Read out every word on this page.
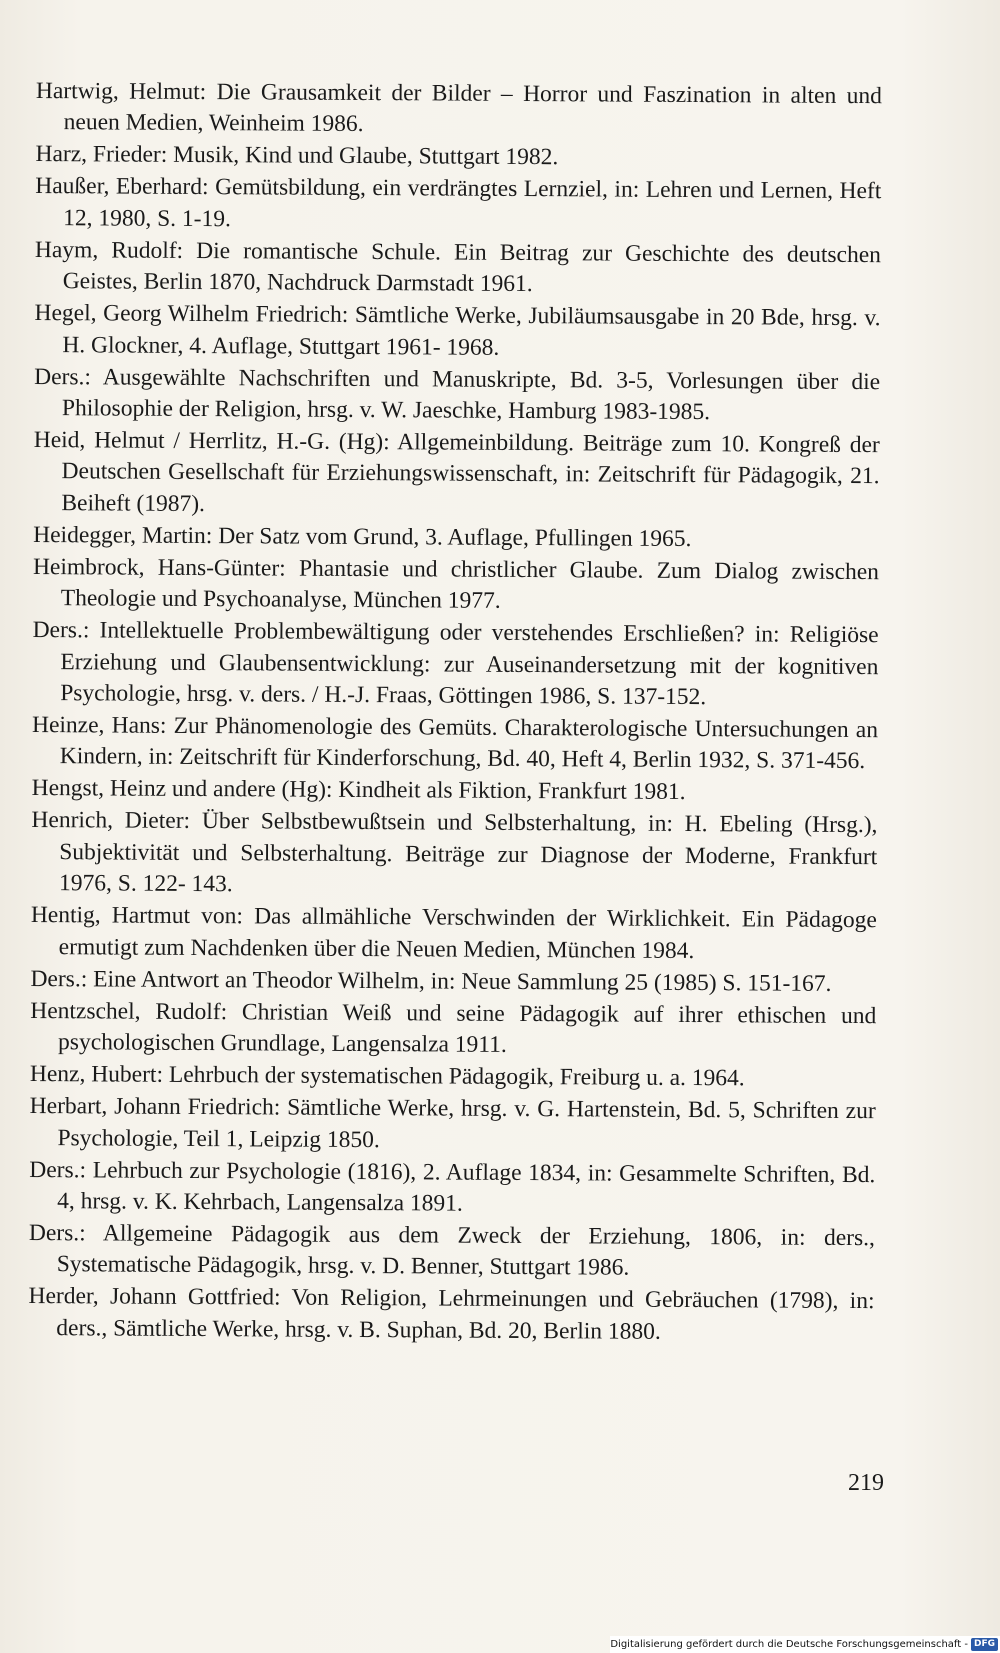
Hartwig, Helmut: Die Grausamkeit der Bilder – Horror und Faszination in alten und neuen Medien, Weinheim 1986.
Harz, Frieder: Musik, Kind und Glaube, Stuttgart 1982.
Haußer, Eberhard: Gemütsbildung, ein verdrängtes Lernziel, in: Lehren und Lernen, Heft 12, 1980, S. 1-19.
Haym, Rudolf: Die romantische Schule. Ein Beitrag zur Geschichte des deutschen Geistes, Berlin 1870, Nachdruck Darmstadt 1961.
Hegel, Georg Wilhelm Friedrich: Sämtliche Werke, Jubiläumsausgabe in 20 Bde, hrsg. v. H. Glockner, 4. Auflage, Stuttgart 1961- 1968.
Ders.: Ausgewählte Nachschriften und Manuskripte, Bd. 3-5, Vorlesungen über die Philosophie der Religion, hrsg. v. W. Jaeschke, Hamburg 1983-1985.
Heid, Helmut / Herrlitz, H.-G. (Hg): Allgemeinbildung. Beiträge zum 10. Kongreß der Deutschen Gesellschaft für Erziehungswissenschaft, in: Zeitschrift für Pädagogik, 21. Beiheft (1987).
Heidegger, Martin: Der Satz vom Grund, 3. Auflage, Pfullingen 1965.
Heimbrock, Hans-Günter: Phantasie und christlicher Glaube. Zum Dialog zwischen Theologie und Psychoanalyse, München 1977.
Ders.: Intellektuelle Problembewältigung oder verstehendes Erschließen? in: Religiöse Erziehung und Glaubensentwicklung: zur Auseinandersetzung mit der kognitiven Psychologie, hrsg. v. ders. / H.-J. Fraas, Göttingen 1986, S. 137-152.
Heinze, Hans: Zur Phänomenologie des Gemüts. Charakterologische Untersuchungen an Kindern, in: Zeitschrift für Kinderforschung, Bd. 40, Heft 4, Berlin 1932, S. 371-456.
Hengst, Heinz und andere (Hg): Kindheit als Fiktion, Frankfurt 1981.
Henrich, Dieter: Über Selbstbewußtsein und Selbsterhaltung, in: H. Ebeling (Hrsg.), Subjektivität und Selbsterhaltung. Beiträge zur Diagnose der Moderne, Frankfurt 1976, S. 122- 143.
Hentig, Hartmut von: Das allmähliche Verschwinden der Wirklichkeit. Ein Pädagoge ermutigt zum Nachdenken über die Neuen Medien, München 1984.
Ders.: Eine Antwort an Theodor Wilhelm, in: Neue Sammlung 25 (1985) S. 151-167.
Hentzschel, Rudolf: Christian Weiß und seine Pädagogik auf ihrer ethischen und psychologischen Grundlage, Langensalza 1911.
Henz, Hubert: Lehrbuch der systematischen Pädagogik, Freiburg u. a. 1964.
Herbart, Johann Friedrich: Sämtliche Werke, hrsg. v. G. Hartenstein, Bd. 5, Schriften zur Psychologie, Teil 1, Leipzig 1850.
Ders.: Lehrbuch zur Psychologie (1816), 2. Auflage 1834, in: Gesammelte Schriften, Bd. 4, hrsg. v. K. Kehrbach, Langensalza 1891.
Ders.: Allgemeine Pädagogik aus dem Zweck der Erziehung, 1806, in: ders., Systematische Pädagogik, hrsg. v. D. Benner, Stuttgart 1986.
Herder, Johann Gottfried: Von Religion, Lehrmeinungen und Gebräuchen (1798), in: ders., Sämtliche Werke, hrsg. v. B. Suphan, Bd. 20, Berlin 1880.
219
Digitalisierung gefördert durch die Deutsche Forschungsgemeinschaft - DFG
